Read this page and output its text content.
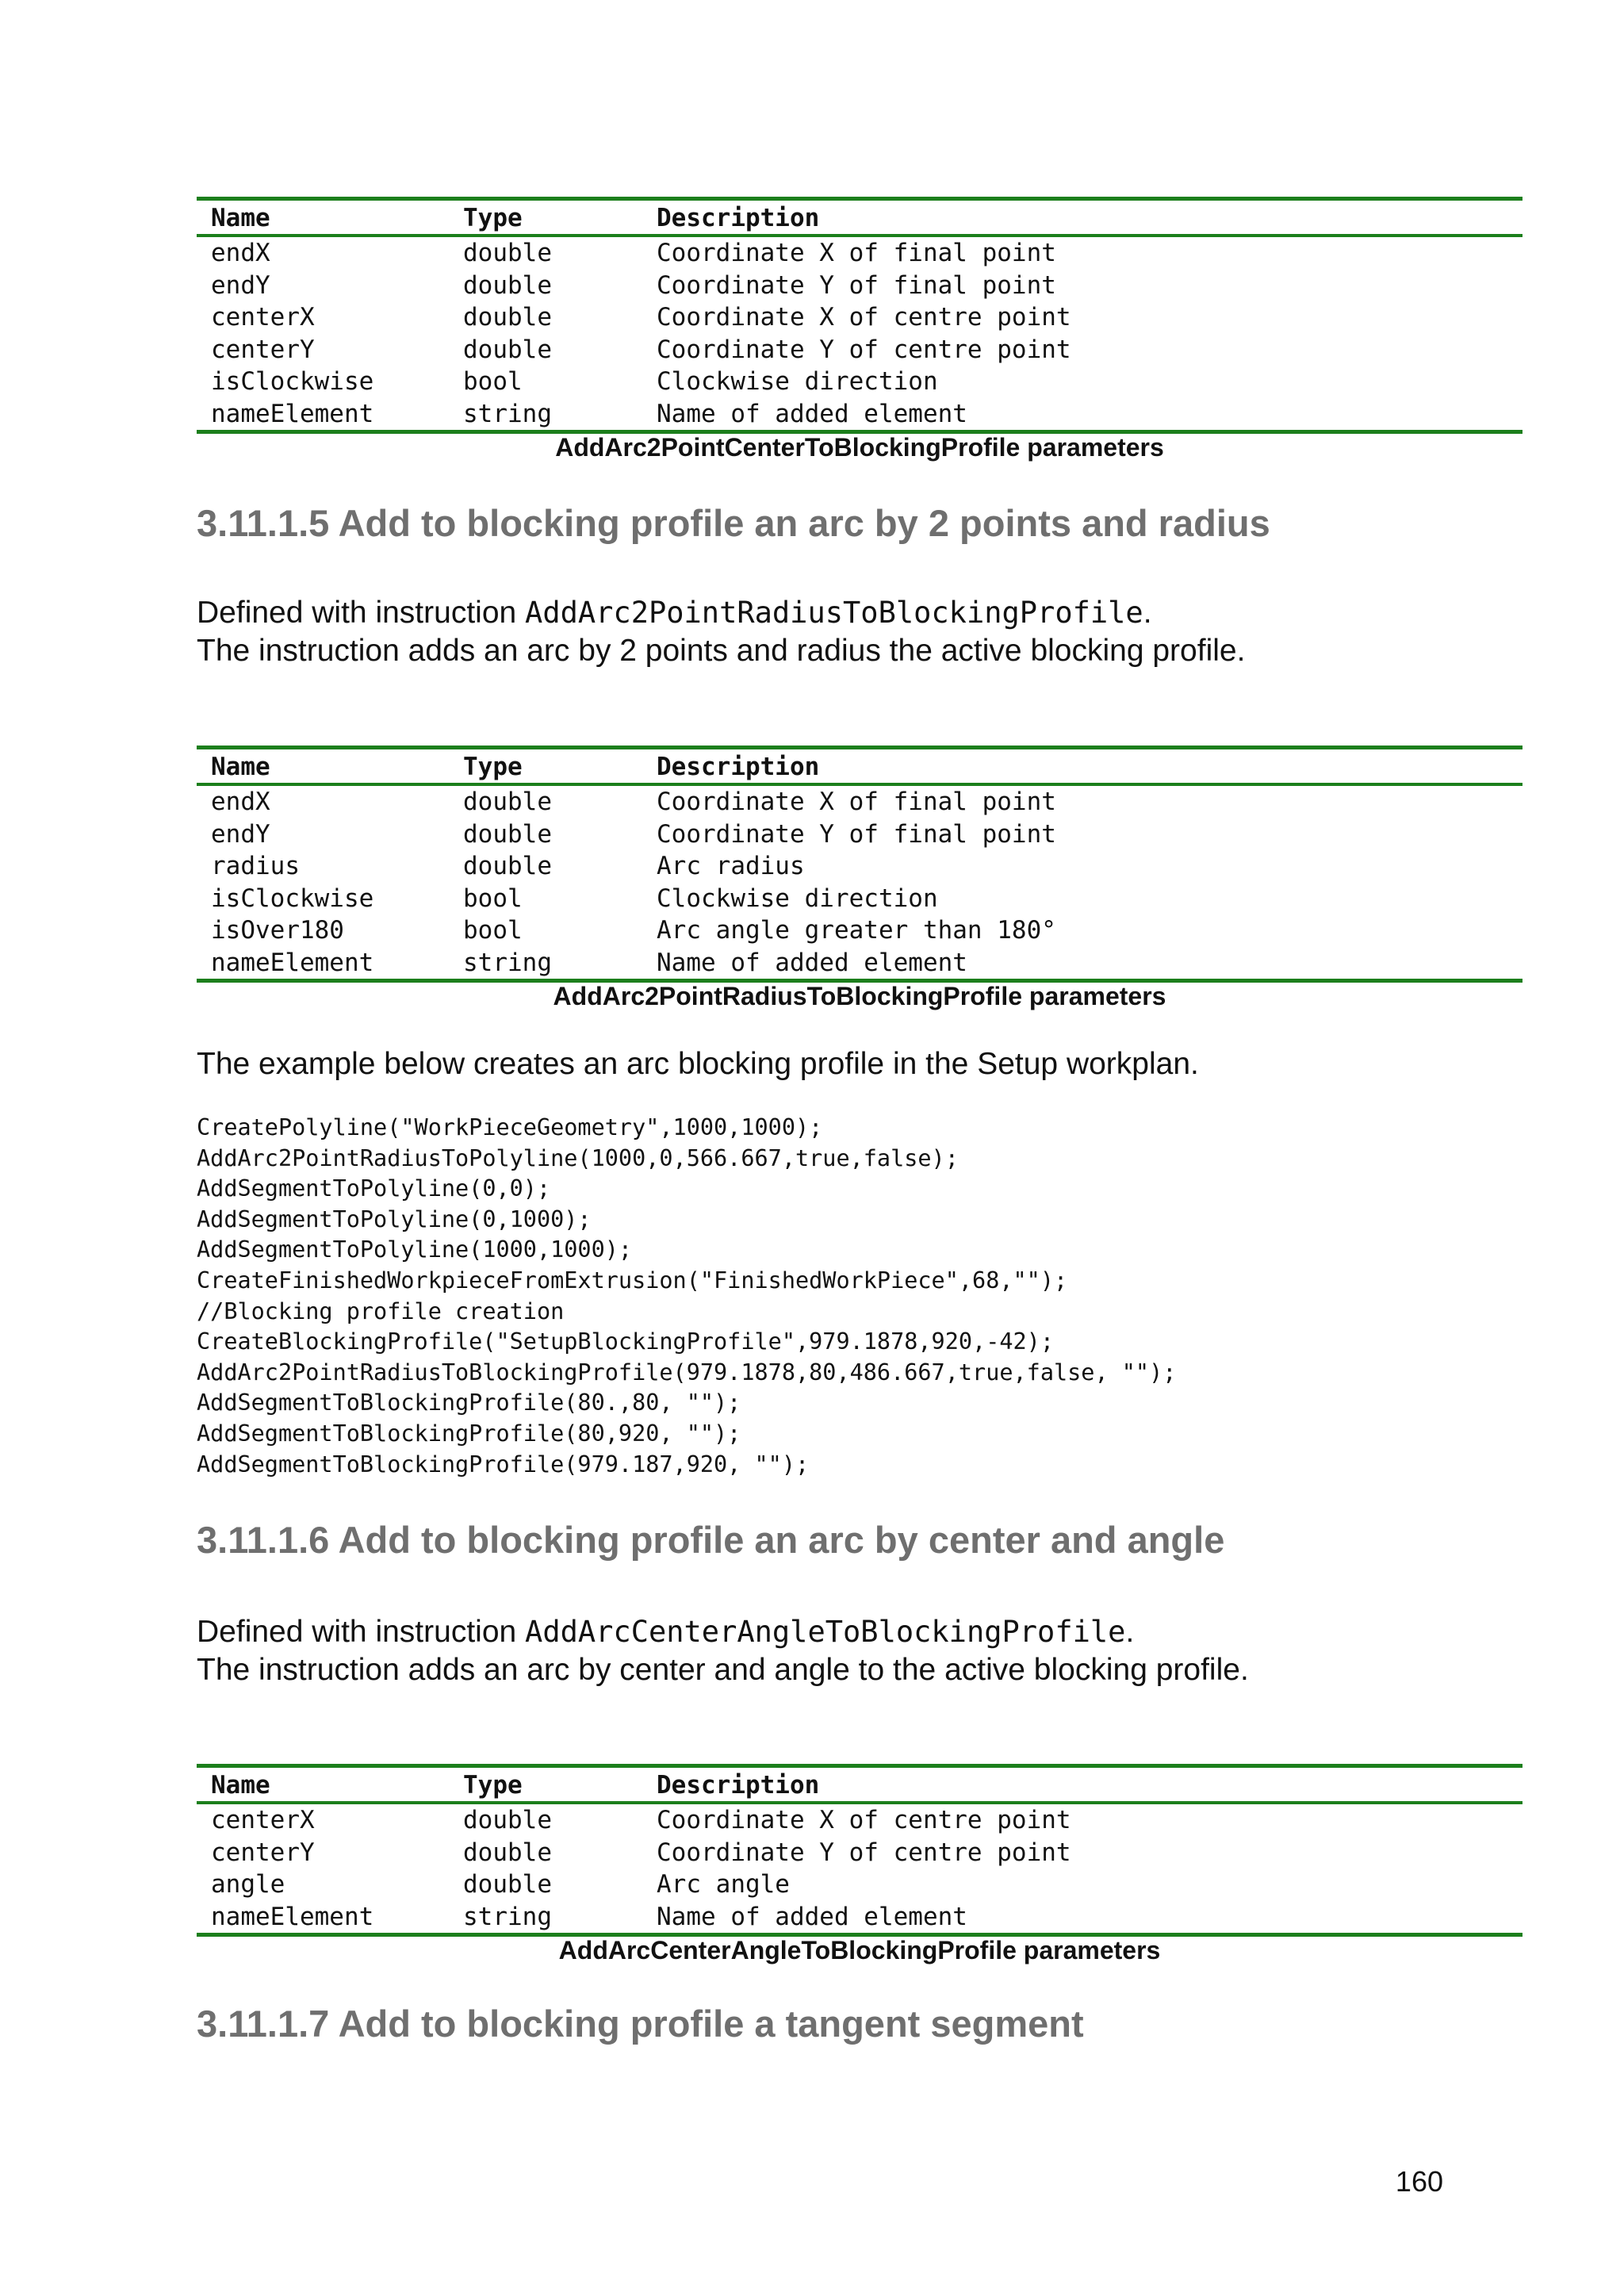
Name	Type	Description
endX	double	Coordinate X of final point
endY	double	Coordinate Y of final point
centerX	double	Coordinate X of centre point
centerY	double	Coordinate Y of centre point
isClockwise	bool	Clockwise direction
nameElement	string	Name of added element
AddArc2PointCenterToBlockingProfile parameters
3.11.1.5 Add to blocking profile an arc by 2 points and radius

Defined with instruction AddArc2PointRadiusToBlockingProfile.
The instruction adds an arc by 2 points and radius the active blocking profile.

Name	Type	Description
endX	double	Coordinate X of final point
endY	double	Coordinate Y of final point
radius	double	Arc radius
isClockwise	bool	Clockwise direction
isOver180	bool	Arc angle greater than 180°
nameElement	string	Name of added element
AddArc2PointRadiusToBlockingProfile parameters

The example below creates an arc blocking profile in the Setup workplan.

CreatePolyline("WorkPieceGeometry",1000,1000);
AddArc2PointRadiusToPolyline(1000,0,566.667,true,false);
AddSegmentToPolyline(0,0);
AddSegmentToPolyline(0,1000);
AddSegmentToPolyline(1000,1000);
CreateFinishedWorkpieceFromExtrusion("FinishedWorkPiece",68,"");
//Blocking profile creation
CreateBlockingProfile("SetupBlockingProfile",979.1878,920,-42);
AddArc2PointRadiusToBlockingProfile(979.1878,80,486.667,true,false, "");
AddSegmentToBlockingProfile(80.,80, "");
AddSegmentToBlockingProfile(80,920, "");
AddSegmentToBlockingProfile(979.187,920, "");
3.11.1.6 Add to blocking profile an arc by center and angle

Defined with instruction AddArcCenterAngleToBlockingProfile.
The instruction adds an arc by center and angle to the active blocking profile.

Name	Type	Description
centerX	double	Coordinate X of centre point
centerY	double	Coordinate Y of centre point
angle	double	Arc angle
nameElement	string	Name of added element
AddArcCenterAngleToBlockingProfile parameters
3.11.1.7 Add to blocking profile a tangent segment
160
